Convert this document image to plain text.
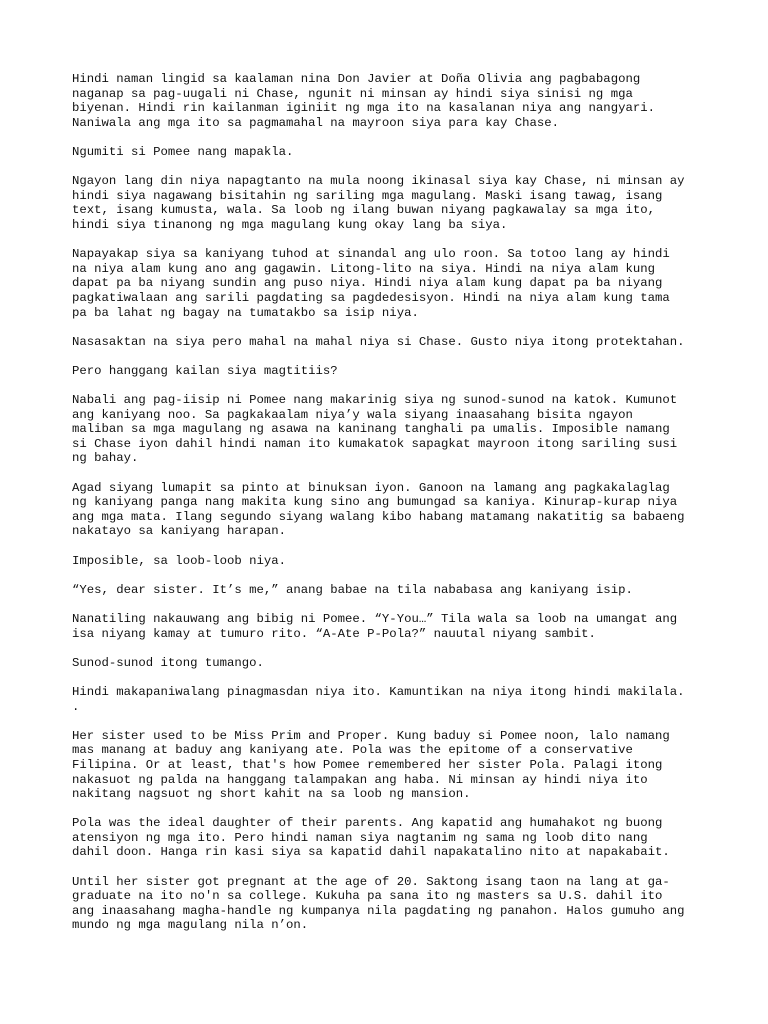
Hindi naman lingid sa kaalaman nina Don Javier at Doña Olivia ang pagbabagong
naganap sa pag-uugali ni Chase, ngunit ni minsan ay hindi siya sinisi ng mga
biyenan. Hindi rin kailanman iginiit ng mga ito na kasalanan niya ang nangyari.
Naniwala ang mga ito sa pagmamahal na mayroon siya para kay Chase.

Ngumiti si Pomee nang mapakla.

Ngayon lang din niya napagtanto na mula noong ikinasal siya kay Chase, ni minsan ay
hindi siya nagawang bisitahin ng sariling mga magulang. Maski isang tawag, isang
text, isang kumusta, wala. Sa loob ng ilang buwan niyang pagkawalay sa mga ito,
hindi siya tinanong ng mga magulang kung okay lang ba siya.

Napayakap siya sa kaniyang tuhod at sinandal ang ulo roon. Sa totoo lang ay hindi
na niya alam kung ano ang gagawin. Litong-lito na siya. Hindi na niya alam kung
dapat pa ba niyang sundin ang puso niya. Hindi niya alam kung dapat pa ba niyang
pagkatiwalaan ang sarili pagdating sa pagdedesisyon. Hindi na niya alam kung tama
pa ba lahat ng bagay na tumatakbo sa isip niya.

Nasasaktan na siya pero mahal na mahal niya si Chase. Gusto niya itong protektahan.

Pero hanggang kailan siya magtitiis?

Nabali ang pag-iisip ni Pomee nang makarinig siya ng sunod-sunod na katok. Kumunot
ang kaniyang noo. Sa pagkakaalam niya’y wala siyang inaasahang bisita ngayon
maliban sa mga magulang ng asawa na kaninang tanghali pa umalis. Imposible namang
si Chase iyon dahil hindi naman ito kumakatok sapagkat mayroon itong sariling susi
ng bahay.

Agad siyang lumapit sa pinto at binuksan iyon. Ganoon na lamang ang pagkakalaglag
ng kaniyang panga nang makita kung sino ang bumungad sa kaniya. Kinurap-kurap niya
ang mga mata. Ilang segundo siyang walang kibo habang matamang nakatitig sa babaeng
nakatayo sa kaniyang harapan.

Imposible, sa loob-loob niya.

“Yes, dear sister. It’s me,” anang babae na tila nababasa ang kaniyang isip.

Nanatiling nakauwang ang bibig ni Pomee. “Y-You…” Tila wala sa loob na umangat ang
isa niyang kamay at tumuro rito. “A-Ate P-Pola?” nauutal niyang sambit.

Sunod-sunod itong tumango.

Hindi makapaniwalang pinagmasdan niya ito. Kamuntikan na niya itong hindi makilala.
.

Her sister used to be Miss Prim and Proper. Kung baduy si Pomee noon, lalo namang
mas manang at baduy ang kaniyang ate. Pola was the epitome of a conservative
Filipina. Or at least, that's how Pomee remembered her sister Pola. Palagi itong
nakasuot ng palda na hanggang talampakan ang haba. Ni minsan ay hindi niya ito
nakitang nagsuot ng short kahit na sa loob ng mansion.

Pola was the ideal daughter of their parents. Ang kapatid ang humahakot ng buong
atensiyon ng mga ito. Pero hindi naman siya nagtanim ng sama ng loob dito nang
dahil doon. Hanga rin kasi siya sa kapatid dahil napakatalino nito at napakabait.

Until her sister got pregnant at the age of 20. Saktong isang taon na lang at ga-
graduate na ito no'n sa college. Kukuha pa sana ito ng masters sa U.S. dahil ito
ang inaasahang magha-handle ng kumpanya nila pagdating ng panahon. Halos gumuho ang
mundo ng mga magulang nila n’on.
